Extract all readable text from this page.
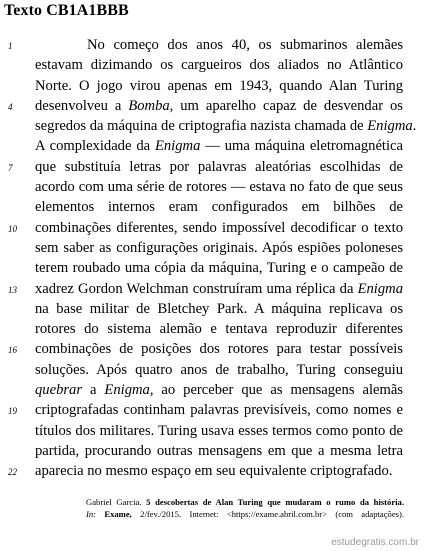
Texto CB1A1BBB
1	No começo dos anos 40, os submarinos alemães
estavam dizimando os cargueiros dos aliados no Atlântico
Norte. O jogo virou apenas em 1943, quando Alan Turing
4	desenvolveu a Bomba, um aparelho capaz de desvendar os
segredos da máquina de criptografia nazista chamada de Enigma.
A complexidade da Enigma — uma máquina eletromagnética
7	que substituía letras por palavras aleatórias escolhidas de
acordo com uma série de rotores — estava no fato de que seus
elementos internos eram configurados em bilhões de
10 combinações diferentes, sendo impossível decodificar o texto
sem saber as configurações originais. Após espiões poloneses
terem roubado uma cópia da máquina, Turing e o campeão de
13 xadrez Gordon Welchman construíram uma réplica da Enigma
na base militar de Bletchey Park. A máquina replicava os
rotores do sistema alemão e tentava reproduzir diferentes
16 combinações de posições dos rotores para testar possíveis
soluções. Após quatro anos de trabalho, Turing conseguiu
quebrar a Enigma, ao perceber que as mensagens alemãs
19 criptografadas continham palavras previsíveis, como nomes e
títulos dos militares. Turing usava esses termos como ponto de
partida, procurando outras mensagens em que a mesma letra
22 aparecia no mesmo espaço em seu equivalente criptografado.
Gabriel Garcia. 5 descobertas de Alan Turing que mudaram o rumo da história.
In: Exame, 2/fev./2015. Internet: <https://exame.abril.com.br> (com adaptações).
estudegratis.com.br
